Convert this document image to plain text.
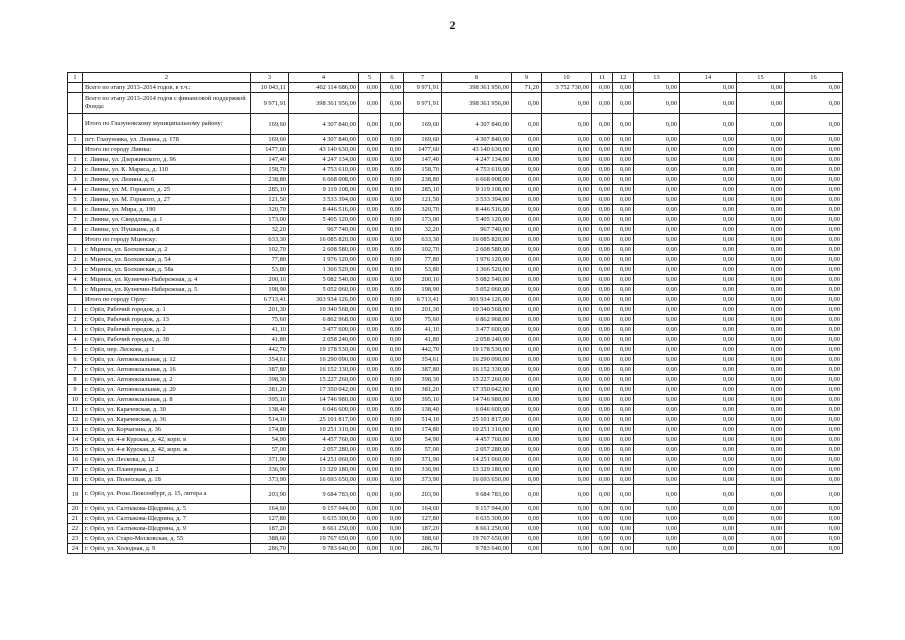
2
1	2	3	4	5	6	7	8	9	10	11	12	13	14	15	16
	Всего по этапу 2013–2014 годов, в т.ч.:	10 043,11	402 114 686,00	0,00	0,00	9 971,91	398 361 956,00	71,20	3 752 730,00	0,00	0,00	0,00	0,00	0,00	0,00
	Всего по этапу 2013–2014 годов с финансовой поддержкой Фонда:	9 971,91	398 361 956,00	0,00	0,00	9 971,91	398 361 956,00	0,00	0,00	0,00	0,00	0,00	0,00	0,00	0,00
	Итого по Глазуновскому муниципальному району:	169,60	4 307 840,00	0,00	0,00	169,60	4 307 840,00	0,00	0,00	0,00	0,00	0,00	0,00	0,00	0,00
1	пгт. Глазуновка, ул. Ленина, д. 178	169,60	4 307 840,00	0,00	0,00	169,60	4 307 840,00	0,00	0,00	0,00	0,00	0,00	0,00	0,00	0,00
	Итого по городу Ливны:	1477,60	43 140 630,00	0,00	0,00	1477,60	43 140 630,00	0,00	0,00	0,00	0,00	0,00	0,00	0,00	0,00
1	г. Ливны, ул. Дзержинского, д. 96	147,40	4 247 134,00	0,00	0,00	147,40	4 247 134,00	0,00	0,00	0,00	0,00	0,00	0,00	0,00	0,00
2	г. Ливны, ул. К. Маркса, д. 110	158,70	4 753 610,00	0,00	0,00	158,70	4 753 610,00	0,00	0,00	0,00	0,00	0,00	0,00	0,00	0,00
3	г. Ливны, ул. Ленина, д. 6	238,80	6 668 008,00	0,00	0,00	238,80	6 668 008,00	0,00	0,00	0,00	0,00	0,00	0,00	0,00	0,00
4	г. Ливны, ул. М. Горького, д. 25	285,10	9 119 108,00	0,00	0,00	285,10	9 119 108,00	0,00	0,00	0,00	0,00	0,00	0,00	0,00	0,00
5	г. Ливны, ул. М. Горького, д. 27	121,50	3 533 394,00	0,00	0,00	121,50	3 533 394,00	0,00	0,00	0,00	0,00	0,00	0,00	0,00	0,00
6	г. Ливны, ул. Мира, д. 190	320,70	8 446 516,00	0,00	0,00	320,70	8 446 516,00	0,00	0,00	0,00	0,00	0,00	0,00	0,00	0,00
7	г. Ливны, ул. Свердлова, д. 1	173,00	5 405 120,00	0,00	0,00	173,00	5 405 120,00	0,00	0,00	0,00	0,00	0,00	0,00	0,00	0,00
8	г. Ливны, ул. Пушкина, д. 8	32,20	967 740,00	0,00	0,00	32,20	967 740,00	0,00	0,00	0,00	0,00	0,00	0,00	0,00	0,00
	Итого по городу Мценску:	633,30	16 085 820,00	0,00	0,00	633,30	16 085 820,00	0,00	0,00	0,00	0,00	0,00	0,00	0,00	0,00
1	г. Мценск, ул. Болховская, д. 2	102,70	2 608 580,00	0,00	0,00	102,70	2 608 580,00	0,00	0,00	0,00	0,00	0,00	0,00	0,00	0,00
2	г. Мценск, ул. Болховская, д. 54	77,80	1 976 120,00	0,00	0,00	77,80	1 976 120,00	0,00	0,00	0,00	0,00	0,00	0,00	0,00	0,00
3	г. Мценск, ул. Болховская, д. 58а	53,80	1 366 520,00	0,00	0,00	53,80	1 366 520,00	0,00	0,00	0,00	0,00	0,00	0,00	0,00	0,00
4	г. Мценск, ул. Кузнечно-Набережная, д. 4	200,10	5 082 540,00	0,00	0,00	200,10	5 082 540,00	0,00	0,00	0,00	0,00	0,00	0,00	0,00	0,00
5	г. Мценск, ул. Кузнечно-Набережная, д. 5	198,90	5 052 060,00	0,00	0,00	198,90	5 052 060,00	0,00	0,00	0,00	0,00	0,00	0,00	0,00	0,00
	Итого по городу Орлу:	6 713,41	303 934 126,00	0,00	0,00	6 713,41	303 934 126,00	0,00	0,00	0,00	0,00	0,00	0,00	0,00	0,00
1	г. Орёл, Рабочий городок, д. 1	201,30	10 340 568,00	0,00	0,00	201,30	10 340 568,00	0,00	0,00	0,00	0,00	0,00	0,00	0,00	0,00
2	г. Орёл, Рабочий городок, д. 13	75,60	6 862 968,00	0,00	0,00	75,60	6 862 968,00	0,00	0,00	0,00	0,00	0,00	0,00	0,00	0,00
3	г. Орёл, Рабочий городок, д. 2	41,10	3 477 600,00	0,00	0,00	41,10	3 477 600,00	0,00	0,00	0,00	0,00	0,00	0,00	0,00	0,00
4	г. Орёл, Рабочий городок, д. 38	41,80	2 058 240,00	0,00	0,00	41,80	2 058 240,00	0,00	0,00	0,00	0,00	0,00	0,00	0,00	0,00
5	г. Орёл, пер. Лескова, д. 1	442,70	19 178 530,00	0,00	0,00	442,70	19 178 530,00	0,00	0,00	0,00	0,00	0,00	0,00	0,00	0,00
6	г. Орёл, ул. Автовокзальная, д. 12	354,61	16 290 090,00	0,00	0,00	354,61	16 290 090,00	0,00	0,00	0,00	0,00	0,00	0,00	0,00	0,00
7	г. Орёл, ул. Автовокзальная, д. 16	387,80	16 152 330,00	0,00	0,00	387,80	16 152 330,00	0,00	0,00	0,00	0,00	0,00	0,00	0,00	0,00
8	г. Орёл, ул. Автовокзальная, д. 2	398,30	15 227 260,00	0,00	0,00	398,30	15 227 260,00	0,00	0,00	0,00	0,00	0,00	0,00	0,00	0,00
9	г. Орёл, ул. Автовокзальная, д. 20	381,20	17 350 042,00	0,00	0,00	381,20	17 350 042,00	0,00	0,00	0,00	0,00	0,00	0,00	0,00	0,00
10	г. Орёл, ул. Автовокзальная, д. 8	395,10	14 746 980,00	0,00	0,00	395,10	14 746 980,00	0,00	0,00	0,00	0,00	0,00	0,00	0,00	0,00
11	г. Орёл, ул. Карачевская, д. 30	138,40	6 046 600,00	0,00	0,00	138,40	6 046 600,00	0,00	0,00	0,00	0,00	0,00	0,00	0,00	0,00
12	г. Орёл, ул. Карачевская, д. 36	514,10	25 101 817,00	0,00	0,00	514,10	25 101 817,00	0,00	0,00	0,00	0,00	0,00	0,00	0,00	0,00
13	г. Орёл, ул. Корчагина, д. 36	174,80	10 251 310,00	0,00	0,00	174,80	10 251 310,00	0,00	0,00	0,00	0,00	0,00	0,00	0,00	0,00
14	г. Орёл, ул. 4-я Курская, д. 42, корп. в	54,90	4 457 760,00	0,00	0,00	54,90	4 457 760,00	0,00	0,00	0,00	0,00	0,00	0,00	0,00	0,00
15	г. Орёл, ул. 4-я Курская, д. 42, корп. ж	57,00	2 057 280,00	0,00	0,00	57,00	2 057 280,00	0,00	0,00	0,00	0,00	0,00	0,00	0,00	0,00
16	г. Орёл, ул. Лескова, д. 12	371,90	14 251 060,00	0,00	0,00	371,90	14 251 060,00	0,00	0,00	0,00	0,00	0,00	0,00	0,00	0,00
17	г. Орёл, ул. Планерная, д. 2	336,90	13 329 180,00	0,00	0,00	336,90	13 329 180,00	0,00	0,00	0,00	0,00	0,00	0,00	0,00	0,00
18	г. Орёл, ул. Полесская, д. 18	373,90	16 693 650,00	0,00	0,00	373,90	16 693 650,00	0,00	0,00	0,00	0,00	0,00	0,00	0,00	0,00
19	г. Орёл, ул. Розы Люксембург, д. 15, литера а	203,90	9 684 783,00	0,00	0,00	203,90	9 684 783,00	0,00	0,00	0,00	0,00	0,00	0,00	0,00	0,00
20	г. Орёл, ул. Салтыкова-Щедрина, д. 5	164,60	9 157 944,00	0,00	0,00	164,60	9 157 944,00	0,00	0,00	0,00	0,00	0,00	0,00	0,00	0,00
21	г. Орёл, ул. Салтыкова-Щедрина, д. 7	127,80	6 635 300,00	0,00	0,00	127,80	6 635 300,00	0,00	0,00	0,00	0,00	0,00	0,00	0,00	0,00
22	г. Орёл, ул. Салтыкова-Щедрина, д. 9	187,20	8 661 250,00	0,00	0,00	187,20	8 661 250,00	0,00	0,00	0,00	0,00	0,00	0,00	0,00	0,00
23	г. Орёл, ул. Старо-Московская, д. 55	388,60	19 767 650,00	0,00	0,00	388,60	19 767 650,00	0,00	0,00	0,00	0,00	0,00	0,00	0,00	0,00
24	г. Орёл, ул. Холодная, д. 9	286,70	9 783 640,00	0,00	0,00	286,70	9 783 640,00	0,00	0,00	0,00	0,00	0,00	0,00	0,00	0,00
